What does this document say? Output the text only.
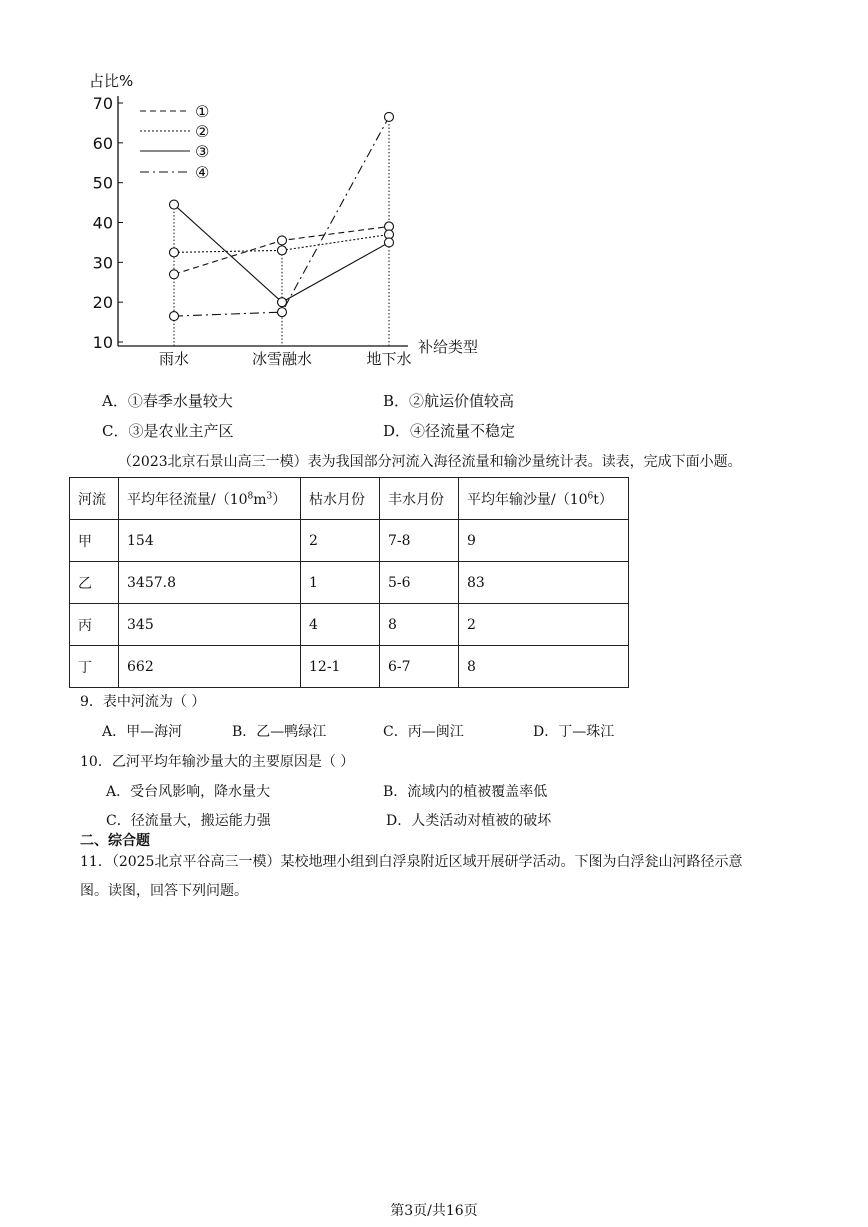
占比%
70
60
50
40
30
20
10	补给类型
雨水	冰雪融水	地下水
①
②
③
④
A．①春季水量较大	B．②航运价值较高
C．③是农业主产区	D．④径流量不稳定
（2023北京石景山高三一模）表为我国部分河流入海径流量和输沙量统计表。读表，完成下面小题。
河流	平均年径流量$/(10^8m^3)$	枯水月份	丰水月份	平均年输沙量$/(10^6t)$
甲	154	2	7-8	9
乙	3457.8	1	5-6	83
丙	345	4	8	2
丁	662	12-1	6-7	8
9．表中河流为（ ）
A．甲—海河	B．乙—鸭绿江	C．丙—闽江	D．丁—珠江
10．乙河平均年输沙量大的主要原因是（ ）
A．受台风影响，降水量大	B．流域内的植被覆盖率低
C．径流量大，搬运能力强	D．人类活动对植被的破坏
二、综合题
11．（2025北京平谷高三一模）某校地理小组到白浮泉附近区域开展研学活动。下图为白浮瓮山河路径示意
图。读图，回答下列问题。
第3页/共16页
